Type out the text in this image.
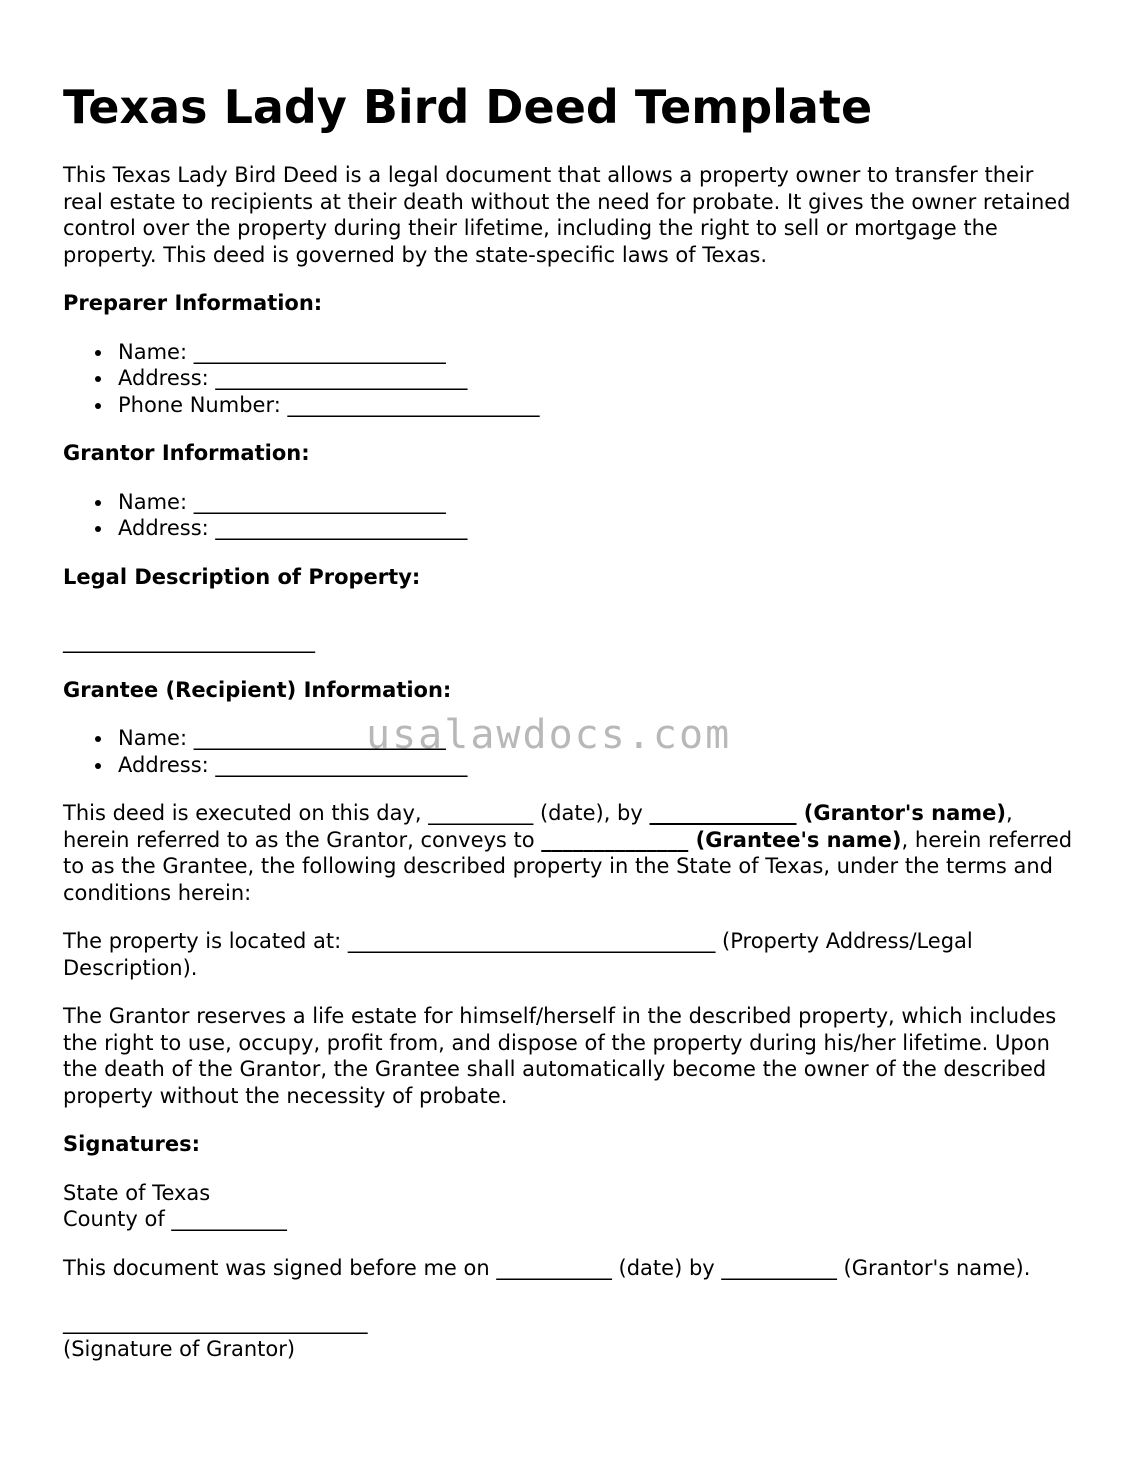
Texas Lady Bird Deed Template

This Texas Lady Bird Deed is a legal document that allows a property owner to transfer their real estate to recipients at their death without the need for probate. It gives the owner retained control over the property during their lifetime, including the right to sell or mortgage the property. This deed is governed by the state-specific laws of Texas.

Preparer Information:
Name: ________________________
Address: ________________________
Phone Number: ________________________
Grantor Information:
Name: ________________________
Address: ________________________
Legal Description of Property:
________________________
Grantee (Recipient) Information:
Name: ________________________
Address: ________________________

This deed is executed on this day, __________ (date), by ______________ (Grantor's name), herein referred to as the Grantor, conveys to ______________ (Grantee's name), herein referred to as the Grantee, the following described property in the State of Texas, under the terms and conditions herein:

The property is located at: ___________________________________ (Property Address/Legal Description).

The Grantor reserves a life estate for himself/herself in the described property, which includes the right to use, occupy, profit from, and dispose of the property during his/her lifetime. Upon the death of the Grantor, the Grantee shall automatically become the owner of the described property without the necessity of probate.

Signatures:

State of Texas
County of ___________

This document was signed before me on ___________ (date) by ___________ (Grantor's name).

_____________________________
(Signature of Grantor)
usalawdocs.com
